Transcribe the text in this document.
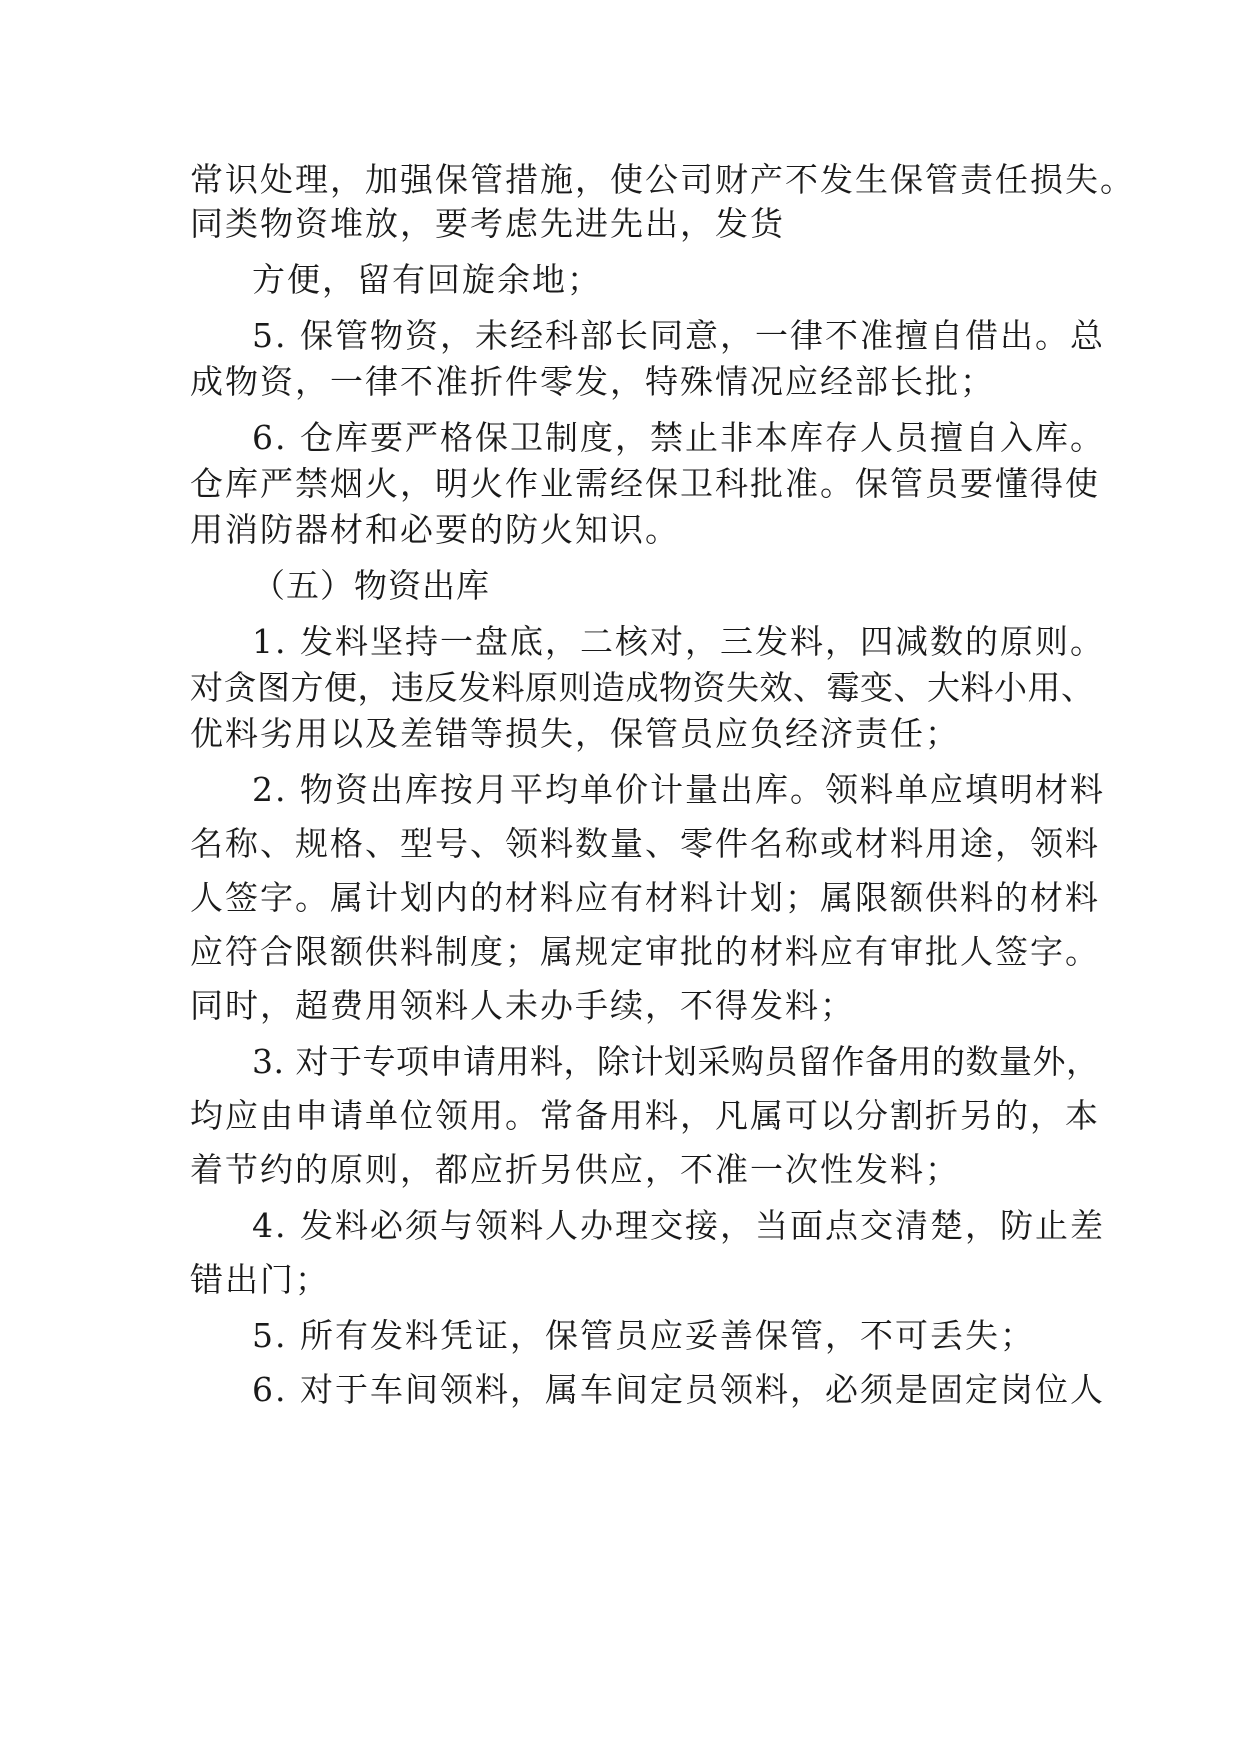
常识处理，加强保管措施，使公司财产不发生保管责任损失。
同类物资堆放，要考虑先进先出，发货
方便，留有回旋余地；
5. 保管物资，未经科部长同意，一律不准擅自借出。总
成物资，一律不准折件零发，特殊情况应经部长批；
6. 仓库要严格保卫制度，禁止非本库存人员擅自入库。
仓库严禁烟火，明火作业需经保卫科批准。保管员要懂得使
用消防器材和必要的防火知识。
（五）物资出库
1. 发料坚持一盘底，二核对，三发料，四减数的原则。
对贪图方便，违反发料原则造成物资失效、霉变、大料小用、
优料劣用以及差错等损失，保管员应负经济责任；
2. 物资出库按月平均单价计量出库。领料单应填明材料
名称、规格、型号、领料数量、零件名称或材料用途，领料
人签字。属计划内的材料应有材料计划；属限额供料的材料
应符合限额供料制度；属规定审批的材料应有审批人签字。
同时，超费用领料人未办手续，不得发料；
3. 对于专项申请用料，除计划采购员留作备用的数量外，
均应由申请单位领用。常备用料，凡属可以分割折另的，本
着节约的原则，都应折另供应，不准一次性发料；
4. 发料必须与领料人办理交接，当面点交清楚，防止差
错出门；
5. 所有发料凭证，保管员应妥善保管，不可丢失；
6. 对于车间领料，属车间定员领料，必须是固定岗位人
